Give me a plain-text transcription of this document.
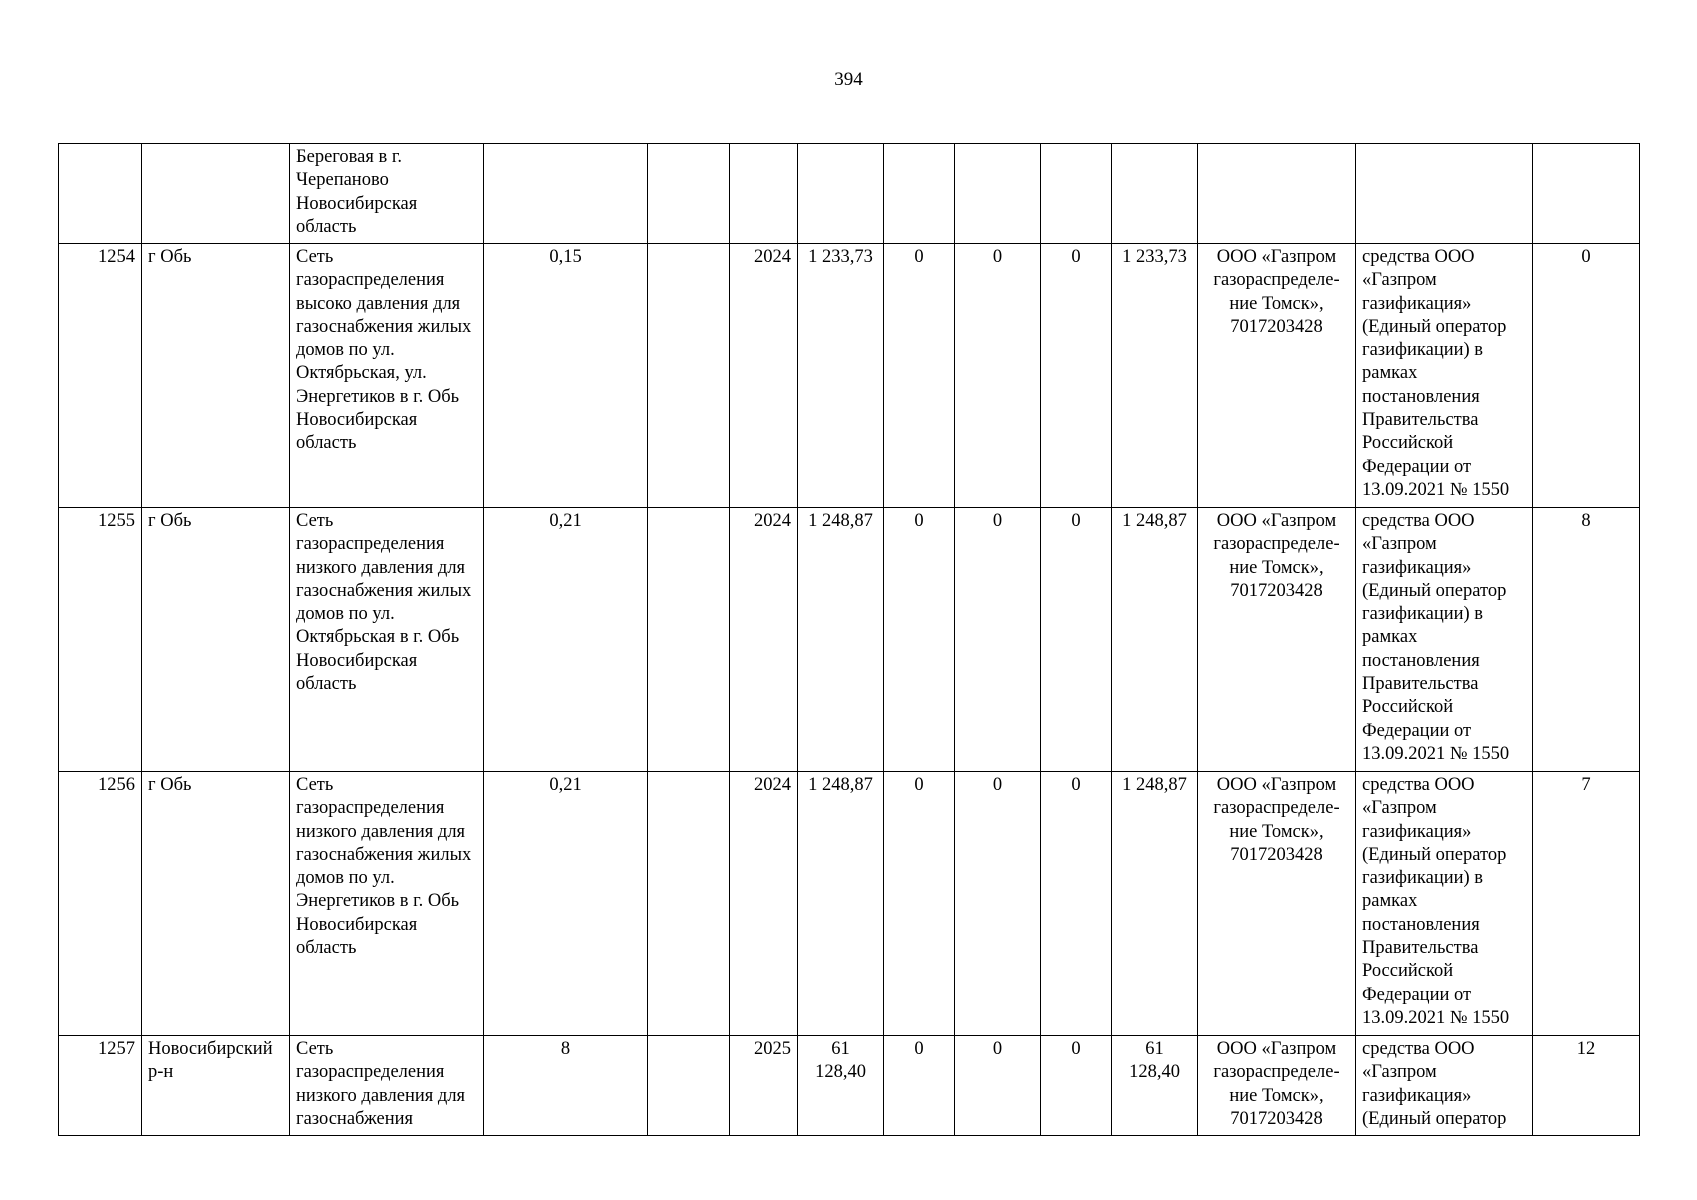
394
		Береговая в г. Черепаново Новосибирская область											
1254	г Обь	Сеть газораспределения высоко давления для газоснабжения жилых домов по ул. Октябрьская, ул. Энергетиков в г. Обь Новосибирская область	0,15		2024	1 233,73	0	0	0	1 233,73	ООО «Газпром газораспределе-ние Томск», 7017203428	средства ООО «Газпром газификация» (Единый оператор газификации) в рамках постановления Правительства Российской Федерации от 13.09.2021 № 1550	0
1255	г Обь	Сеть газораспределения низкого давления для газоснабжения жилых домов по ул. Октябрьская в г. Обь Новосибирская область	0,21		2024	1 248,87	0	0	0	1 248,87	ООО «Газпром газораспределе-ние Томск», 7017203428	средства ООО «Газпром газификация» (Единый оператор газификации) в рамках постановления Правительства Российской Федерации от 13.09.2021 № 1550	8
1256	г Обь	Сеть газораспределения низкого давления для газоснабжения жилых домов по ул. Энергетиков в г. Обь Новосибирская область	0,21		2024	1 248,87	0	0	0	1 248,87	ООО «Газпром газораспределе-ние Томск», 7017203428	средства ООО «Газпром газификация» (Единый оператор газификации) в рамках постановления Правительства Российской Федерации от 13.09.2021 № 1550	7
1257	Новосибирский р-н	Сеть газораспределения низкого давления для газоснабжения	8		2025	61 128,40	0	0	0	61 128,40	ООО «Газпром газораспределе-ние Томск», 7017203428	средства ООО «Газпром газификация» (Единый оператор	12
